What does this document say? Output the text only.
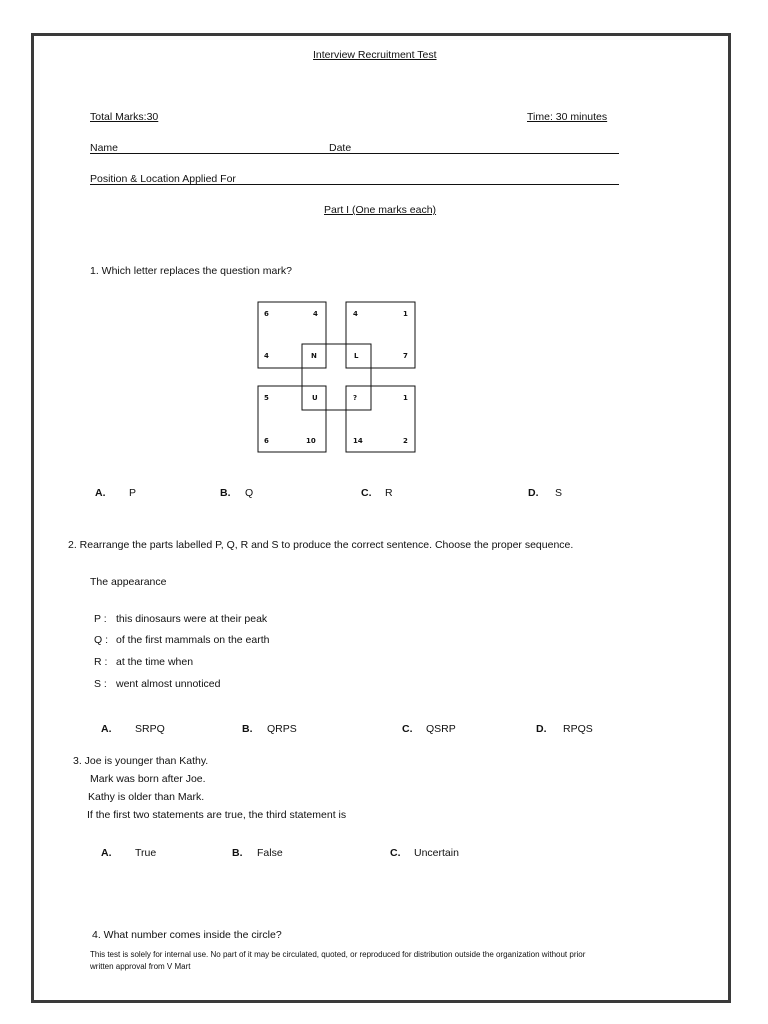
Interview Recruitment Test
Total Marks:30	Time: 30 minutes
Name	Date
Position & Location Applied For
Part I (One marks each)
1. Which letter replaces the question mark?
6	4
4	N
4	1
L	7
5	U
6	10
?	1
14	2
A. P	B. Q	C. R	D. S
2. Rearrange the parts labelled P, Q, R and S to produce the correct sentence. Choose the proper sequence.
The appearance
P : this dinosaurs were at their peak
Q : of the first mammals on the earth
R : at the time when
S : went almost unnoticed
A. SRPQ	B. QRPS	C. QSRP	D. RPQS
3. Joe is younger than Kathy.
Mark was born after Joe.
Kathy is older than Mark.
If the first two statements are true, the third statement is
A. True	B. False	C. Uncertain
4. What number comes inside the circle?
This test is solely for internal use. No part of it may be circulated, quoted, or reproduced for distribution outside the organization without prior
written approval from V Mart
